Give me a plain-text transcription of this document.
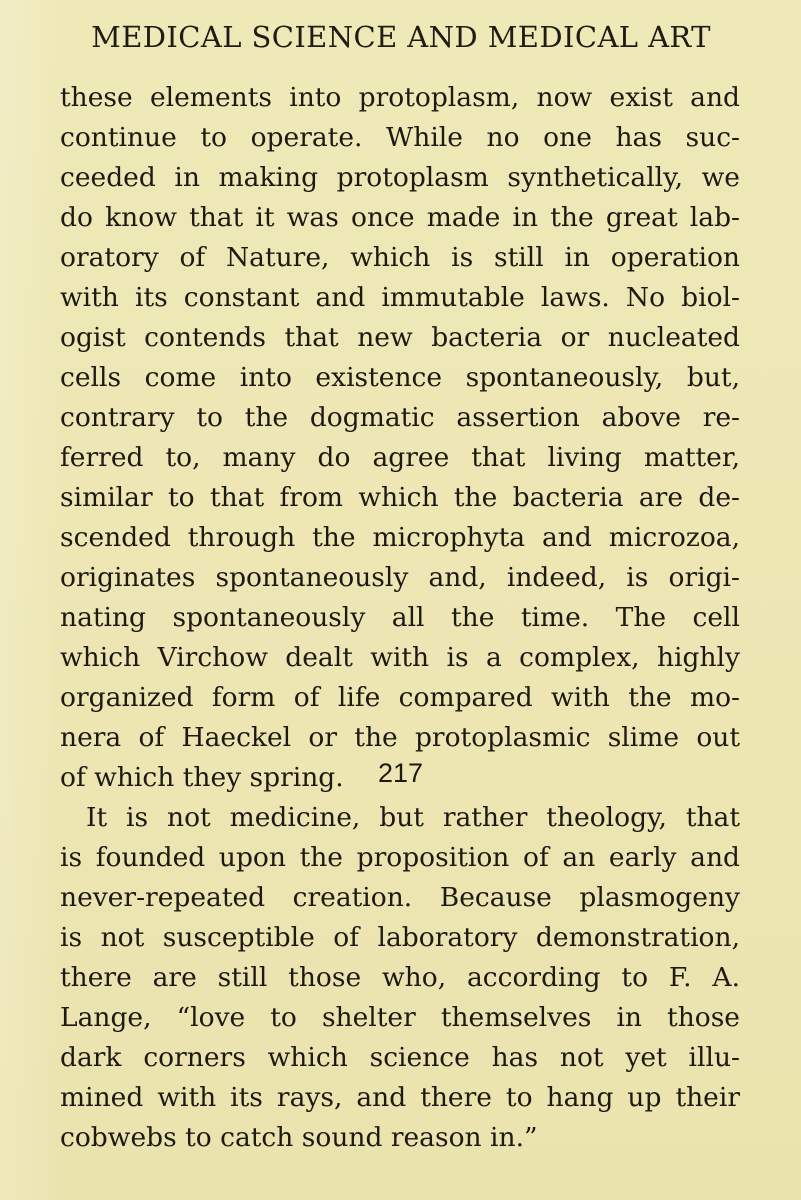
MEDICAL SCIENCE AND MEDICAL ART
these elements into protoplasm, now exist and
continue to operate. While no one has suc-
ceeded in making protoplasm synthetically, we
do know that it was once made in the great lab-
oratory of Nature, which is still in operation
with its constant and immutable laws. No biol-
ogist contends that new bacteria or nucleated
cells come into existence spontaneously, but,
contrary to the dogmatic assertion above re-
ferred to, many do agree that living matter,
similar to that from which the bacteria are de-
scended through the microphyta and microzoa,
originates spontaneously and, indeed, is origi-
nating spontaneously all the time. The cell
which Virchow dealt with is a complex, highly
organized form of life compared with the mo-
nera of Haeckel or the protoplasmic slime out
of which they spring.
It is not medicine, but rather theology, that
is founded upon the proposition of an early and
never-repeated creation. Because plasmogeny
is not susceptible of laboratory demonstration,
there are still those who, according to F. A.
Lange, “love to shelter themselves in those
dark corners which science has not yet illu-
mined with its rays, and there to hang up their
cobwebs to catch sound reason in.”
217
